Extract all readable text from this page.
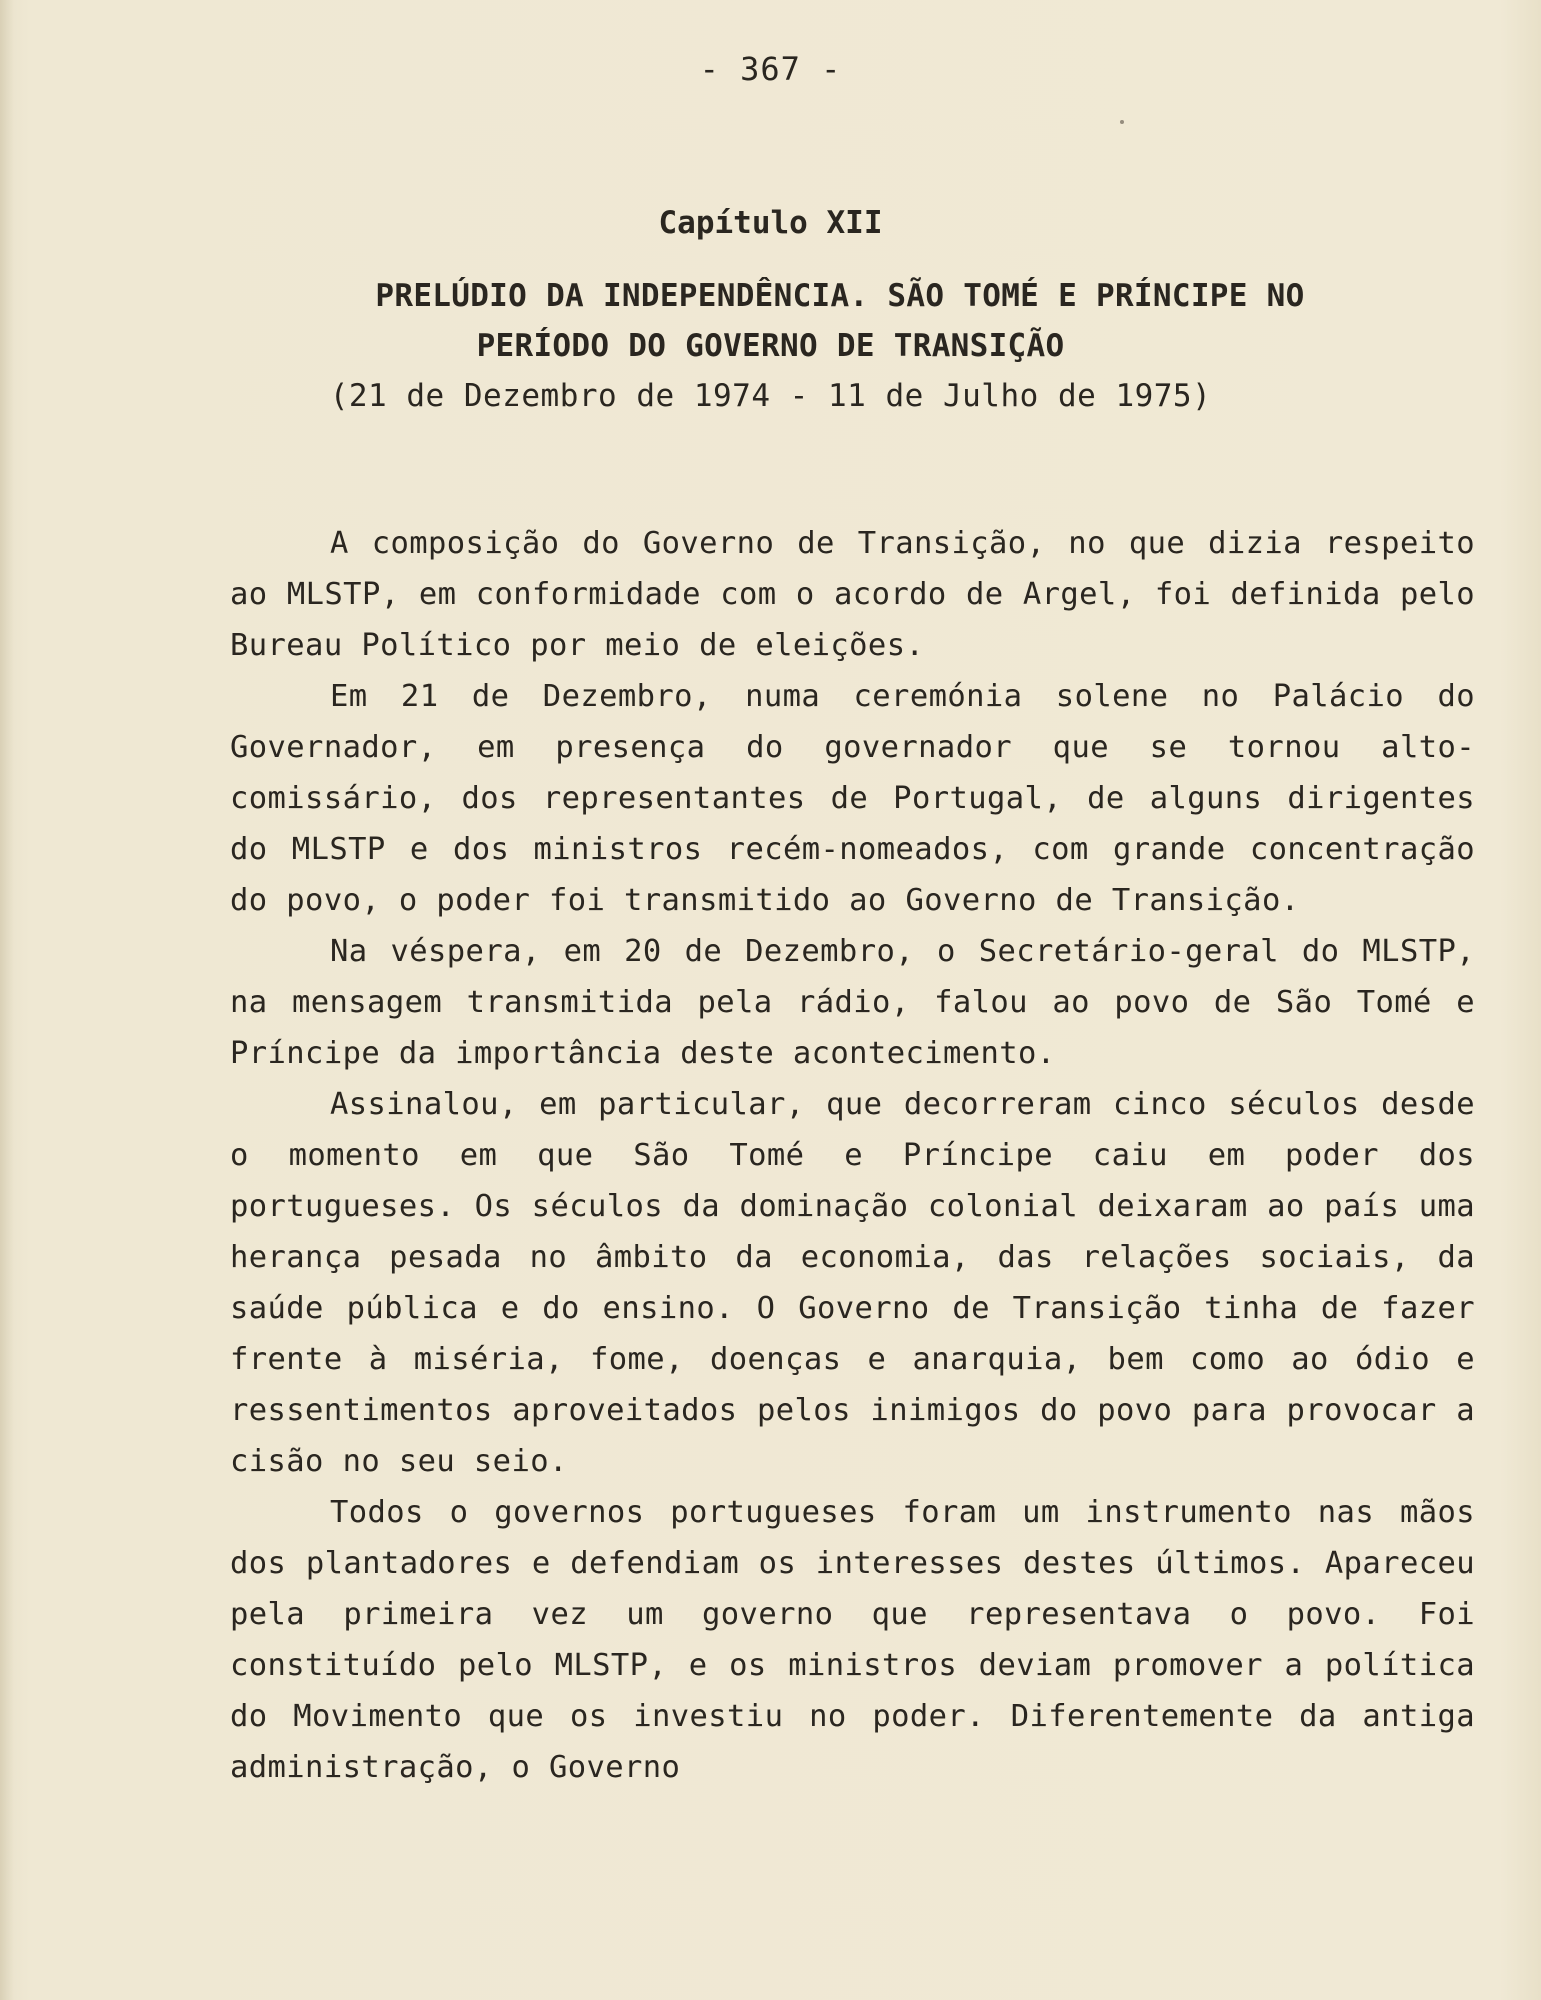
- 367 -
Capítulo XII
PRELÚDIO DA INDEPENDÊNCIA. SÃO TOMÉ E PRÍNCIPE NO
PERÍODO DO GOVERNO DE TRANSIÇÃO
(21 de Dezembro de 1974 - 11 de Julho de 1975)

A composição do Governo de Transição, no que dizia respeito ao MLSTP, em conformidade com o acordo de Argel, foi definida pelo Bureau Político por meio de eleições.

Em 21 de Dezembro, numa ceremónia solene no Palácio do Governador, em presença do governador que se tornou alto-comissário, dos representantes de Portugal, de alguns dirigentes do MLSTP e dos ministros recém-nomeados, com grande concentração do povo, o poder foi transmitido ao Governo de Transição.

Na véspera, em 20 de Dezembro, o Secretário-geral do MLSTP, na mensagem transmitida pela rádio, falou ao povo de São Tomé e Príncipe da importância deste acontecimento.

Assinalou, em particular, que decorreram cinco séculos desde o momento em que São Tomé e Príncipe caiu em poder dos portugueses. Os séculos da dominação colonial deixaram ao país uma herança pesada no âmbito da economia, das relações sociais, da saúde pública e do ensino. O Governo de Transição tinha de fazer frente à miséria, fome, doenças e anarquia, bem como ao ódio e ressentimentos aproveitados pelos inimigos do povo para provocar a cisão no seu seio.

Todos o governos portugueses foram um instrumento nas mãos dos plantadores e defendiam os interesses destes últimos. Apareceu pela primeira vez um governo que representava o povo. Foi constituído pelo MLSTP, e os ministros deviam promover a política do Movimento que os investiu no poder. Diferentemente da antiga administração, o Governo
